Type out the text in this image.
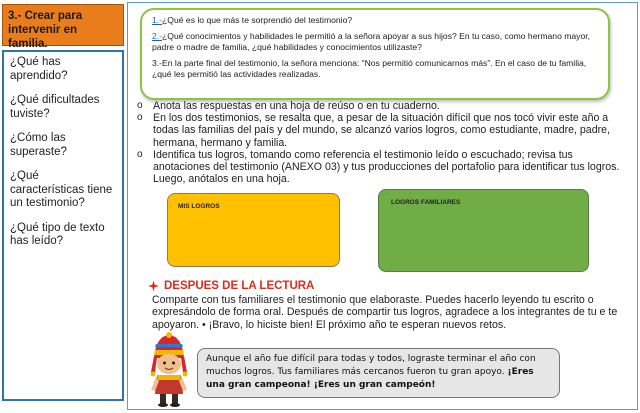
3.- Crear para intervenir en familia.

¿Qué has aprendido?

¿Qué dificultades tuviste?

¿Cómo las superaste?

¿Qué características tiene un testimonio?

¿Qué tipo de texto has leído?

1.-¿Qué es lo que más te sorprendió del testimonio?

2.-¿Qué conocimientos y habilidades le permitió a la señora apoyar a sus hijos? En tu caso, como hermano mayor, padre o madre de familia, ¿qué habilidades y conocimientos utilizaste?

3.-En la parte final del testimonio, la señora menciona: “Nos permitió comunicarnos más”. En el caso de tu familia, ¿qué les permitió las actividades realizadas.

o Anota las respuestas en una hoja de reúso o en tu cuaderno.

o En los dos testimonios, se resalta que, a pesar de la situación difícil que nos tocó vivir este año a todas las familias del país y del mundo, se alcanzó varios logros, como estudiante, madre, padre, hermana, hermano y familia.

o Identifica tus logros, tomando como referencia el testimonio leído o escuchado; revisa tus anotaciones del testimonio (ANEXO 03) y tus producciones del portafolio para identificar tus logros. Luego, anótalos en una hoja.

MIS LOGROS
LOGROS FAMILIARES
DESPUES DE LA LECTURA
Comparte con tus familiares el testimonio que elaboraste. Puedes hacerlo leyendo tu escrito o expresándolo de forma oral. Después de compartir tus logros, agradece a los integrantes de tu e te apoyaron. • ¡Bravo, lo hiciste bien! El próximo año te esperan nuevos retos.
Aunque el año fue difícil para todas y todos, lograste terminar el año con muchos logros. Tus familiares más cercanos fueron tu gran apoyo. ¡Eres una gran campeona! ¡Eres un gran campeón!
